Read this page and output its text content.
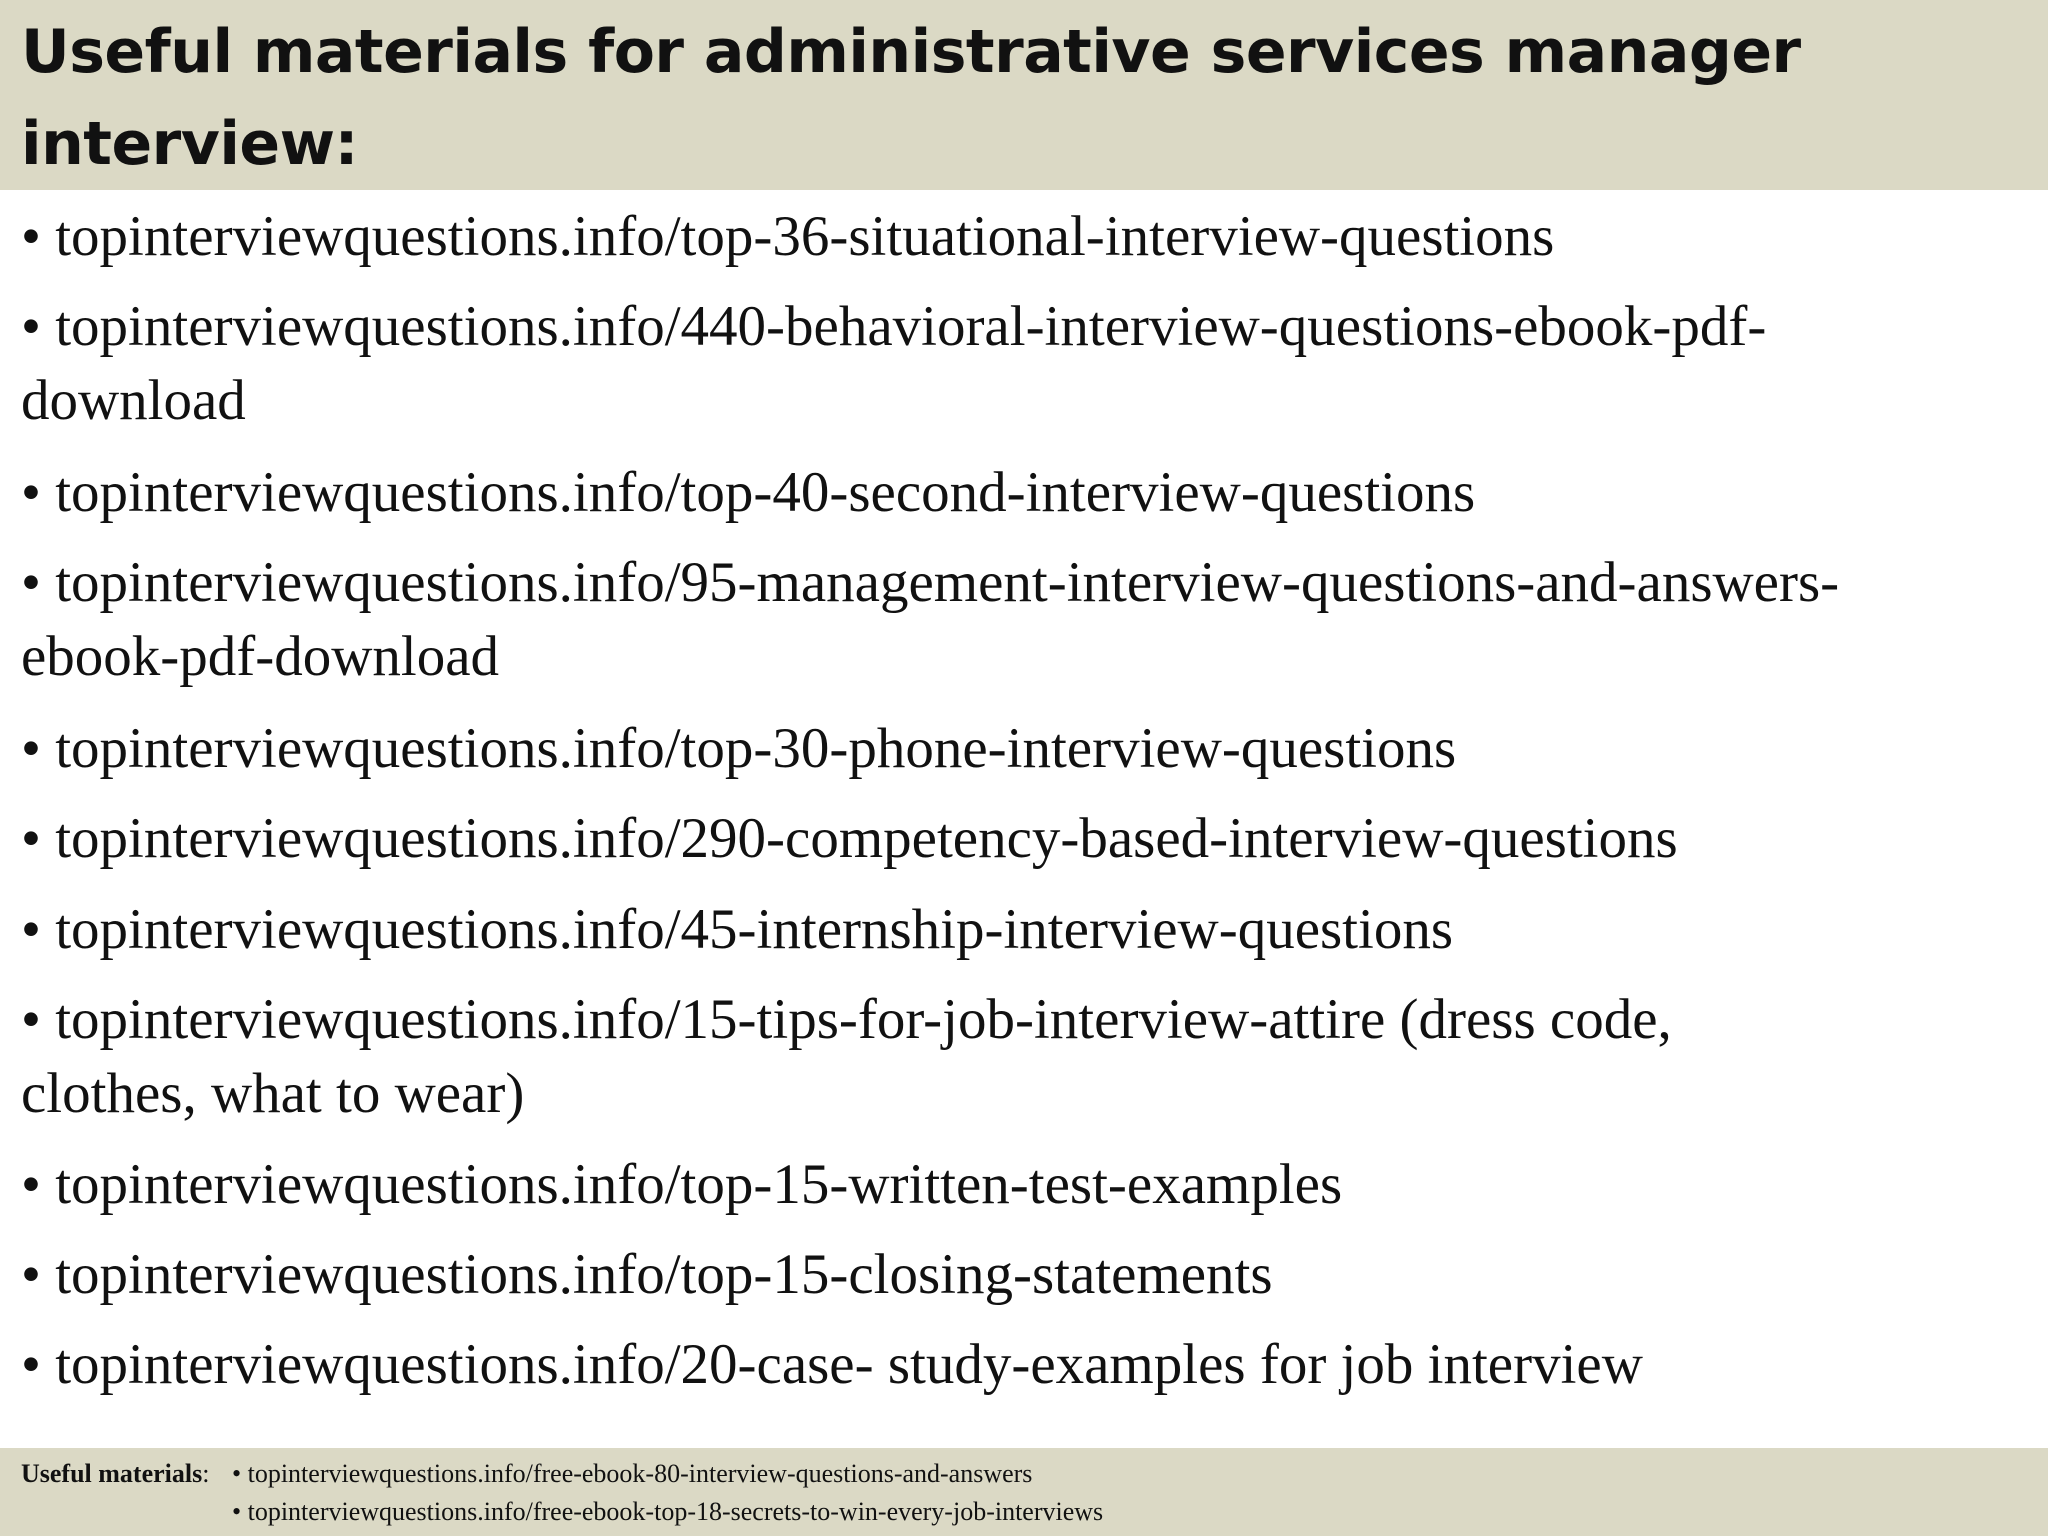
Useful materials for administrative services manager
interview:
• topinterviewquestions.info/top-36-situational-interview-questions
• topinterviewquestions.info/440-behavioral-interview-questions-ebook-pdf-
download
• topinterviewquestions.info/top-40-second-interview-questions
• topinterviewquestions.info/95-management-interview-questions-and-answers-
ebook-pdf-download
• topinterviewquestions.info/top-30-phone-interview-questions
• topinterviewquestions.info/290-competency-based-interview-questions
• topinterviewquestions.info/45-internship-interview-questions
• topinterviewquestions.info/15-tips-for-job-interview-attire (dress code,
clothes, what to wear)
• topinterviewquestions.info/top-15-written-test-examples
• topinterviewquestions.info/top-15-closing-statements
• topinterviewquestions.info/20-case- study-examples for job interview
Useful materials: • topinterviewquestions.info/free-ebook-80-interview-questions-and-answers
• topinterviewquestions.info/free-ebook-top-18-secrets-to-win-every-job-interviews
